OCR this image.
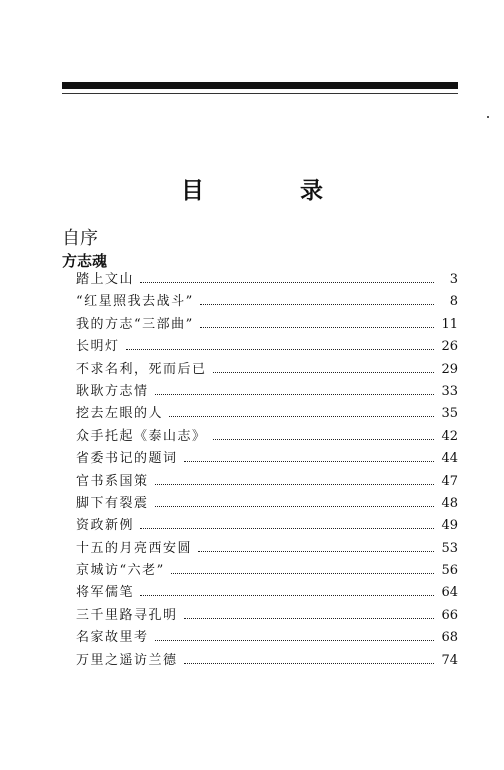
目 录
自序
方志魂
踏上文山	3
“红星照我去战斗”	8
我的方志“三部曲”	11
长明灯	26
不求名利，死而后已	29
耿耿方志情	33
挖去左眼的人	35
众手托起《泰山志》	42
省委书记的题词	44
官书系国策	47
脚下有裂震	48
资政新例	49
十五的月亮西安圆	53
京城访“六老”	56
将军儒笔	64
三千里路寻孔明	66
名家故里考	68
万里之遥访兰德	74
